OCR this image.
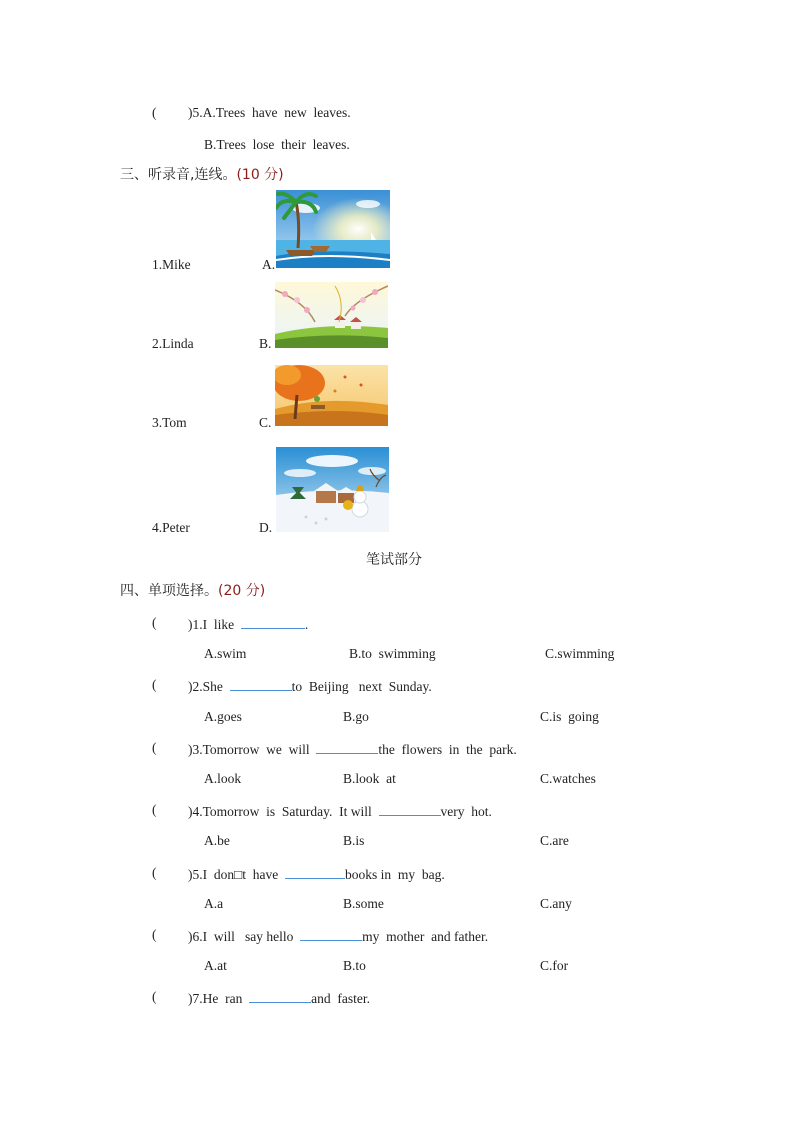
( )5.A.Trees  have  new  leaves.
B.Trees  lose  their  leaves.
三、听录音,连线。(10 分)
1.Mike	A.
2.Linda	B.
3.Tom	C.
4.Peter	D.
笔试部分
四、单项选择。(20 分)
( )1.I  like	.
A.swim	B.to  swimming	C.swimming
( )2.She	to  Beijing   next  Sunday.
A.goes	B.go	C.is  going
( )3.Tomorrow  we  will	the  flowers  in  the  park.
A.look	B.look  at	C.watches
( )4.Tomorrow  is  Saturday.  It will	very  hot.
A.be	B.is	C.are
( )5.I  don□t  have	books in  my  bag.
A.a	B.some	C.any
( )6.I  will   say hello	my  mother  and father.
A.at	B.to	C.for
( )7.He  ran	and  faster.
